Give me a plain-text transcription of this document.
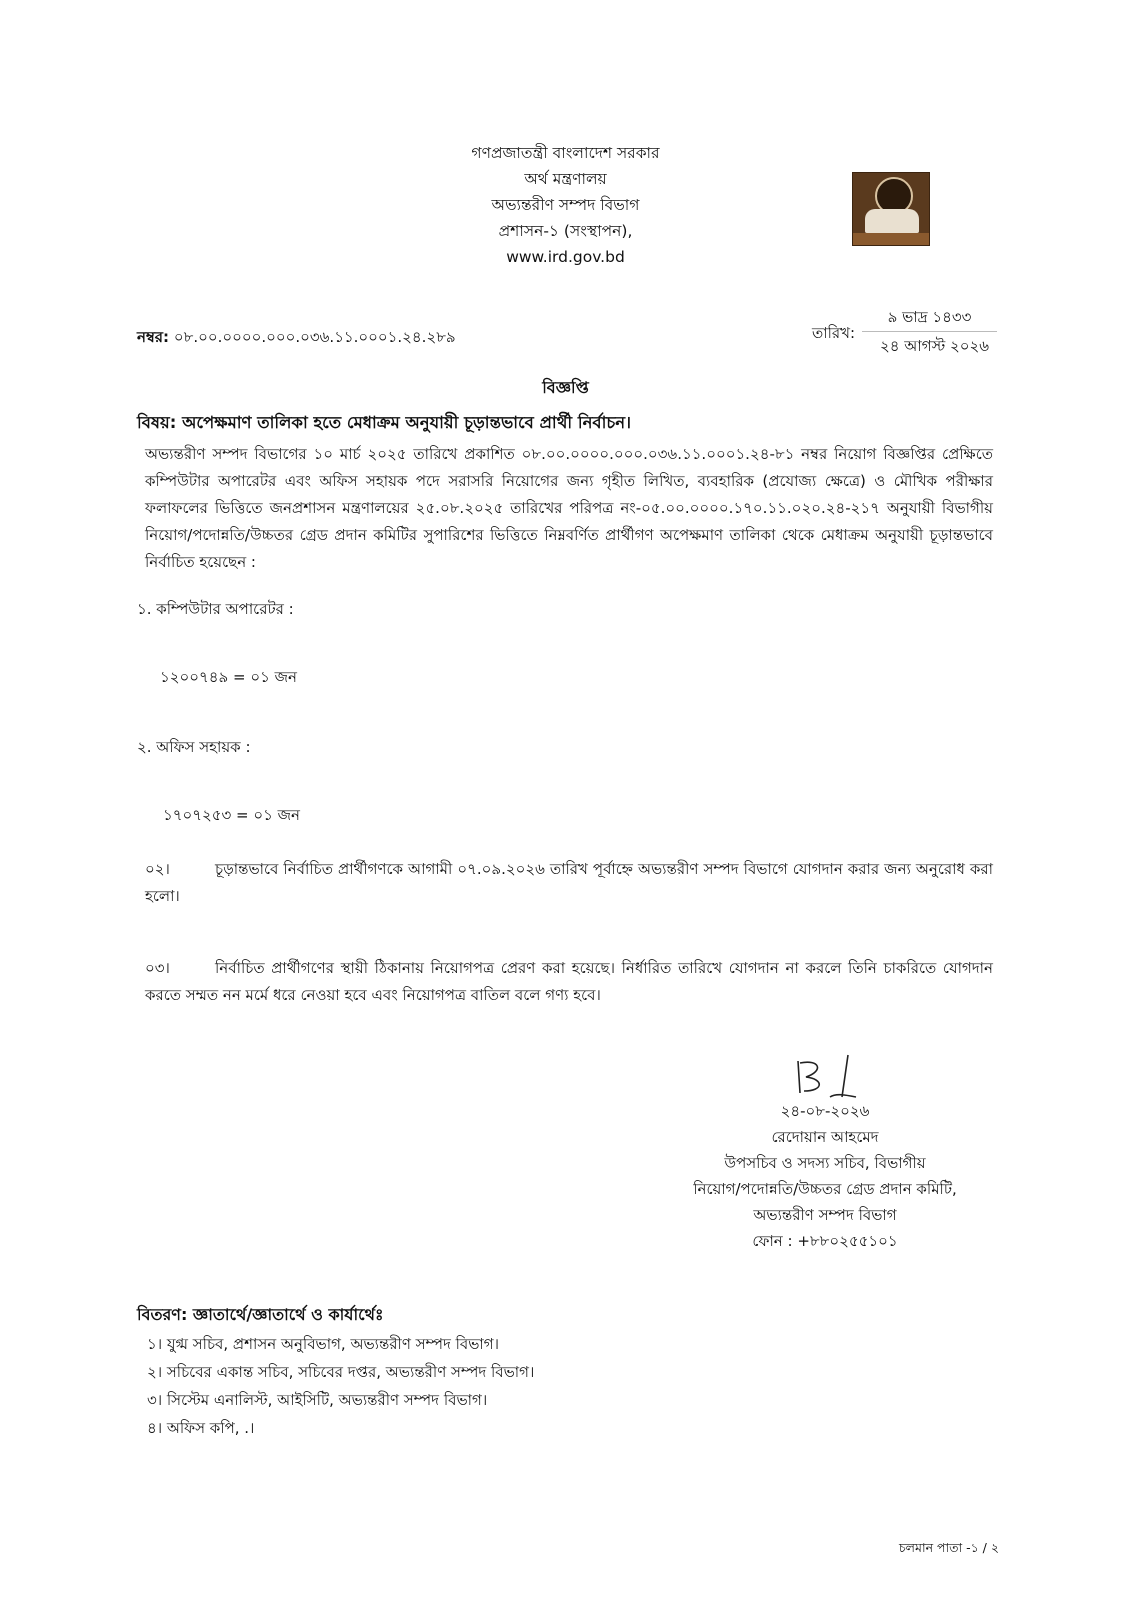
গণপ্রজাতন্ত্রী বাংলাদেশ সরকার
অর্থ মন্ত্রণালয়
অভ্যন্তরীণ সম্পদ বিভাগ
প্রশাসন-১ (সংস্থাপন),
www.ird.gov.bd
নম্বর: ০৮.০০.০০০০.০০০.০৩৬.১১.০০০১.২৪.২৮৯	তারিখ:
৯ ভাদ্র ১৪৩৩
২৪ আগস্ট ২০২৬
বিজ্ঞপ্তি
বিষয়: অপেক্ষমাণ তালিকা হতে মেধাক্রম অনুযায়ী চূড়ান্তভাবে প্রার্থী নির্বাচন।
অভ্যন্তরীণ সম্পদ বিভাগের ১০ মার্চ ২০২৫ তারিখে প্রকাশিত ০৮.০০.০০০০.০০০.০৩৬.১১.০০০১.২৪-৮১ নম্বর নিয়োগ বিজ্ঞপ্তির প্রেক্ষিতে কম্পিউটার অপারেটর এবং অফিস সহায়ক পদে সরাসরি নিয়োগের জন্য গৃহীত লিখিত, ব্যবহারিক (প্রযোজ্য ক্ষেত্রে) ও মৌখিক পরীক্ষার ফলাফলের ভিত্তিতে জনপ্রশাসন মন্ত্রণালয়ের ২৫.০৮.২০২৫ তারিখের পরিপত্র নং-০৫.০০.০০০০.১৭০.১১.০২০.২৪-২১৭ অনুযায়ী বিভাগীয় নিয়োগ/পদোন্নতি/উচ্চতর গ্রেড প্রদান কমিটির সুপারিশের ভিত্তিতে নিম্নবর্ণিত প্রার্থীগণ অপেক্ষমাণ তালিকা থেকে মেধাক্রম অনুযায়ী চূড়ান্তভাবে নির্বাচিত হয়েছেন :
১. কম্পিউটার অপারেটর :
১২০০৭৪৯ = ০১ জন
২. অফিস সহায়ক :
১৭০৭২৫৩ = ০১ জন
০২।	চূড়ান্তভাবে নির্বাচিত প্রার্থীগণকে আগামী ০৭.০৯.২০২৬ তারিখ পূর্বাহ্নে অভ্যন্তরীণ সম্পদ বিভাগে যোগদান করার জন্য অনুরোধ করা হলো।
০৩।	নির্বাচিত প্রার্থীগণের স্থায়ী ঠিকানায় নিয়োগপত্র প্রেরণ করা হয়েছে। নির্ধারিত তারিখে যোগদান না করলে তিনি চাকরিতে যোগদান করতে সম্মত নন মর্মে ধরে নেওয়া হবে এবং নিয়োগপত্র বাতিল বলে গণ্য হবে।
২৪-০৮-২০২৬
রেদোয়ান আহমেদ
উপসচিব ও সদস্য সচিব, বিভাগীয়
নিয়োগ/পদোন্নতি/উচ্চতর গ্রেড প্রদান কমিটি,
অভ্যন্তরীণ সম্পদ বিভাগ
ফোন : +৮৮০২৫৫১০১
বিতরণ: জ্ঞাতার্থে/জ্ঞাতার্থে ও কার্যার্থেঃ
১। যুগ্ম সচিব, প্রশাসন অনুবিভাগ, অভ্যন্তরীণ সম্পদ বিভাগ।
২। সচিবের একান্ত সচিব, সচিবের দপ্তর, অভ্যন্তরীণ সম্পদ বিভাগ।
৩। সিস্টেম এনালিস্ট, আইসিটি, অভ্যন্তরীণ সম্পদ বিভাগ।
৪। অফিস কপি, .।
চলমান পাতা -১ / ২
